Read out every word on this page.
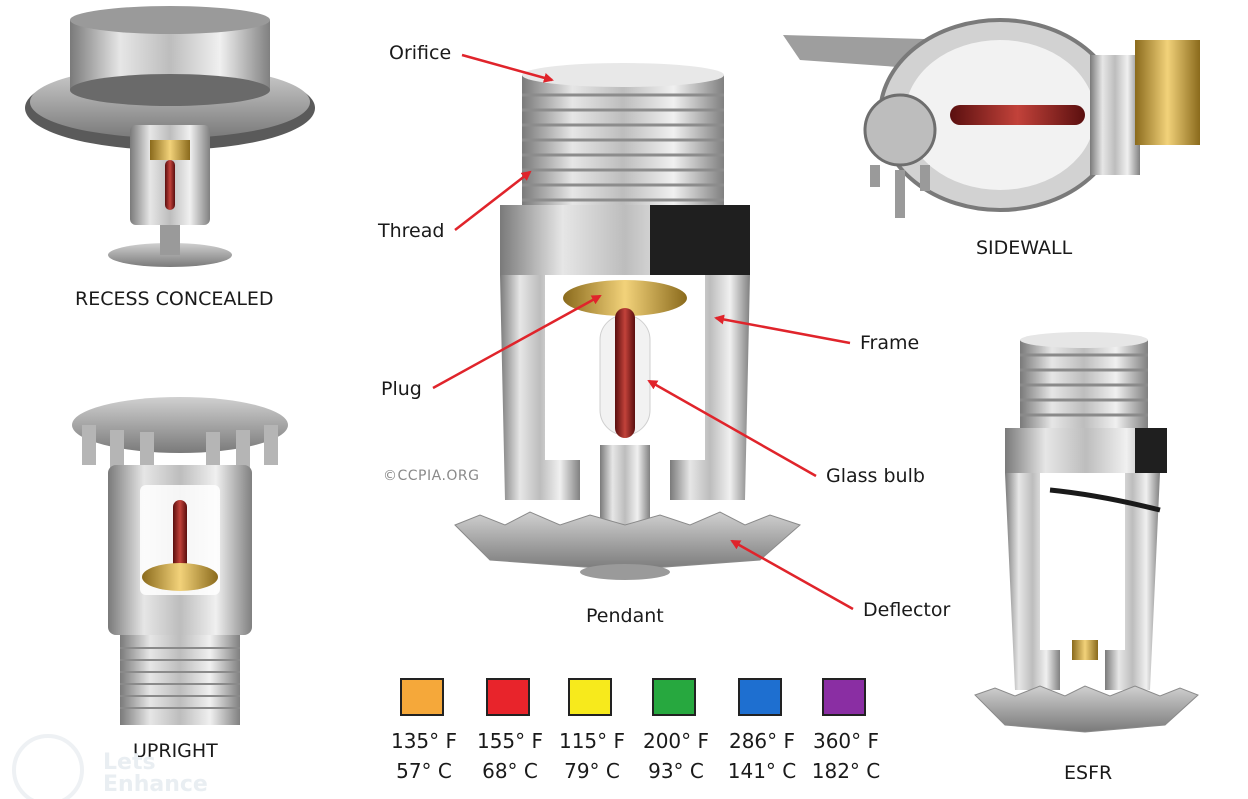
RECESS CONCEALED
UPRIGHT
Pendant
SIDEWALL
ESFR
Orifice
Thread
Plug
Frame
Glass bulb
Deflector
©CCPIA.ORG
Lets
Enhance
135° F
57° C
155° F
68° C
115° F
79° C
200° F
93° C
286° F
141° C
360° F
182° C
